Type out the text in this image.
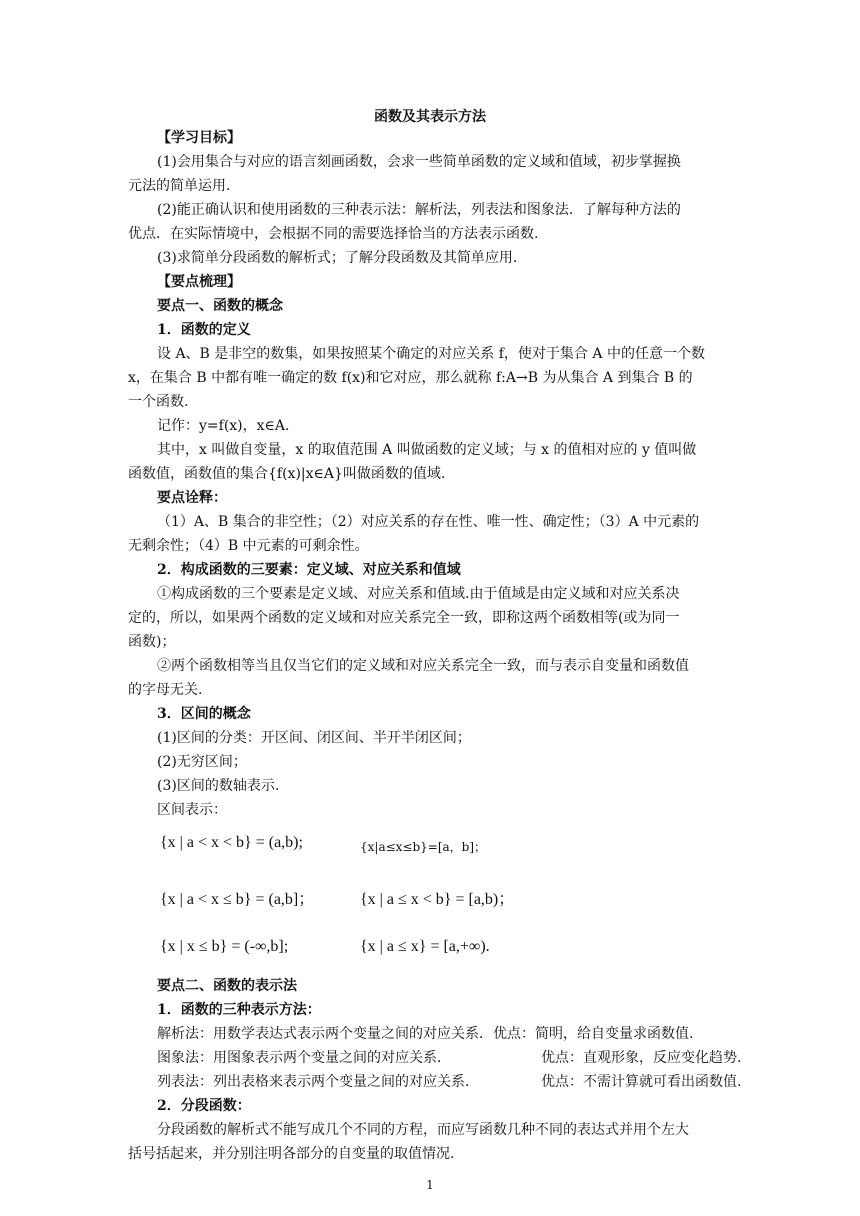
函数及其表示方法
【学习目标】
(1)会用集合与对应的语言刻画函数，会求一些简单函数的定义域和值域，初步掌握换
元法的简单运用.
(2)能正确认识和使用函数的三种表示法：解析法，列表法和图象法．了解每种方法的
优点．在实际情境中，会根据不同的需要选择恰当的方法表示函数.
(3)求简单分段函数的解析式；了解分段函数及其简单应用.
【要点梳理】
要点一、函数的概念
1．函数的定义
设 A、B 是非空的数集，如果按照某个确定的对应关系 f，使对于集合 A 中的任意一个数
x，在集合 B 中都有唯一确定的数 f(x)和它对应，那么就称 f:A→B 为从集合 A 到集合 B 的
一个函数.
记作：y=f(x)，x∈A.
其中，x 叫做自变量，x 的取值范围 A 叫做函数的定义域；与 x 的值相对应的 y 值叫做
函数值，函数值的集合{f(x)|x∈A}叫做函数的值域.
要点诠释：
（1）A、B 集合的非空性；（2）对应关系的存在性、唯一性、确定性；（3）A 中元素的
无剩余性；（4）B 中元素的可剩余性。
2．构成函数的三要素：定义域、对应关系和值域
①构成函数的三个要素是定义域、对应关系和值域.由于值域是由定义域和对应关系决
定的，所以，如果两个函数的定义域和对应关系完全一致，即称这两个函数相等(或为同一
函数)；
②两个函数相等当且仅当它们的定义域和对应关系完全一致，而与表示自变量和函数值
的字母无关.
3．区间的概念
(1)区间的分类：开区间、闭区间、半开半闭区间；
(2)无穷区间；
(3)区间的数轴表示.
区间表示：
{x | a < x < b} = (a,b);	{x|a≤x≤b}=[a，b]；
{x | a < x ≤ b} = (a,b]；	{x | a ≤ x < b} = [a,b)；
{x | x ≤ b} = (-∞,b];	{x | a ≤ x} = [a,+∞).
要点二、函数的表示法
1．函数的三种表示方法：
解析法：用数学表达式表示两个变量之间的对应关系．优点：简明，给自变量求函数值.
图象法：用图象表示两个变量之间的对应关系．	优点：直观形象，反应变化趋势.
列表法：列出表格来表示两个变量之间的对应关系．	优点：不需计算就可看出函数值.
2．分段函数：
分段函数的解析式不能写成几个不同的方程，而应写函数几种不同的表达式并用个左大
括号括起来，并分别注明各部分的自变量的取值情况.
1
